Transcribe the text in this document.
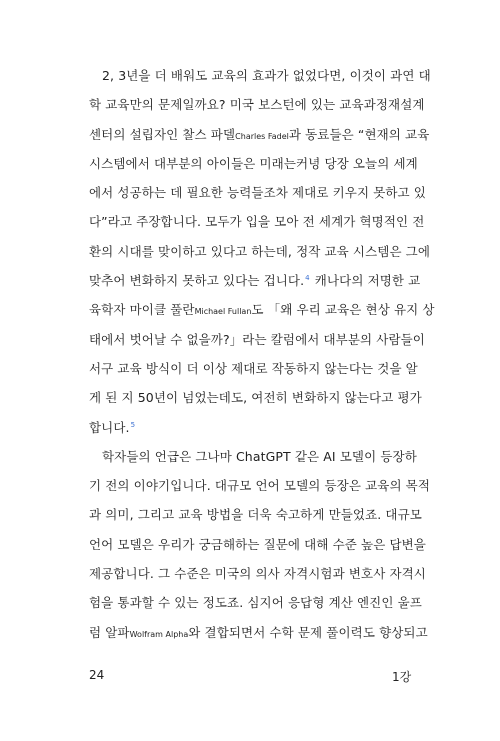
2, 3년을 더 배워도 교육의 효과가 없었다면, 이것이 과연 대
학 교육만의 문제일까요? 미국 보스턴에 있는 교육과정재설계
센터의 설립자인 찰스 파델Charles Fadel과 동료들은 “현재의 교육
시스템에서 대부분의 아이들은 미래는커녕 당장 오늘의 세계
에서 성공하는 데 필요한 능력들조차 제대로 키우지 못하고 있
다”라고 주장합니다. 모두가 입을 모아 전 세계가 혁명적인 전
환의 시대를 맞이하고 있다고 하는데, 정작 교육 시스템은 그에
맞추어 변화하지 못하고 있다는 겁니다.$^4$ 캐나다의 저명한 교
육학자 마이클 풀란Michael Fullan도 「왜 우리 교육은 현상 유지 상
태에서 벗어날 수 없을까?」라는 칼럼에서 대부분의 사람들이
서구 교육 방식이 더 이상 제대로 작동하지 않는다는 것을 알
게 된 지 50년이 넘었는데도, 여전히 변화하지 않는다고 평가
합니다.$^5$
학자들의 언급은 그나마 ChatGPT 같은 AI 모델이 등장하
기 전의 이야기입니다. 대규모 언어 모델의 등장은 교육의 목적
과 의미, 그리고 교육 방법을 더욱 숙고하게 만들었죠. 대규모
언어 모델은 우리가 궁금해하는 질문에 대해 수준 높은 답변을
제공합니다. 그 수준은 미국의 의사 자격시험과 변호사 자격시
험을 통과할 수 있는 정도죠. 심지어 응답형 계산 엔진인 울프
럼 알파Wolfram Alpha와 결합되면서 수학 문제 풀이력도 향상되고
24	1강
